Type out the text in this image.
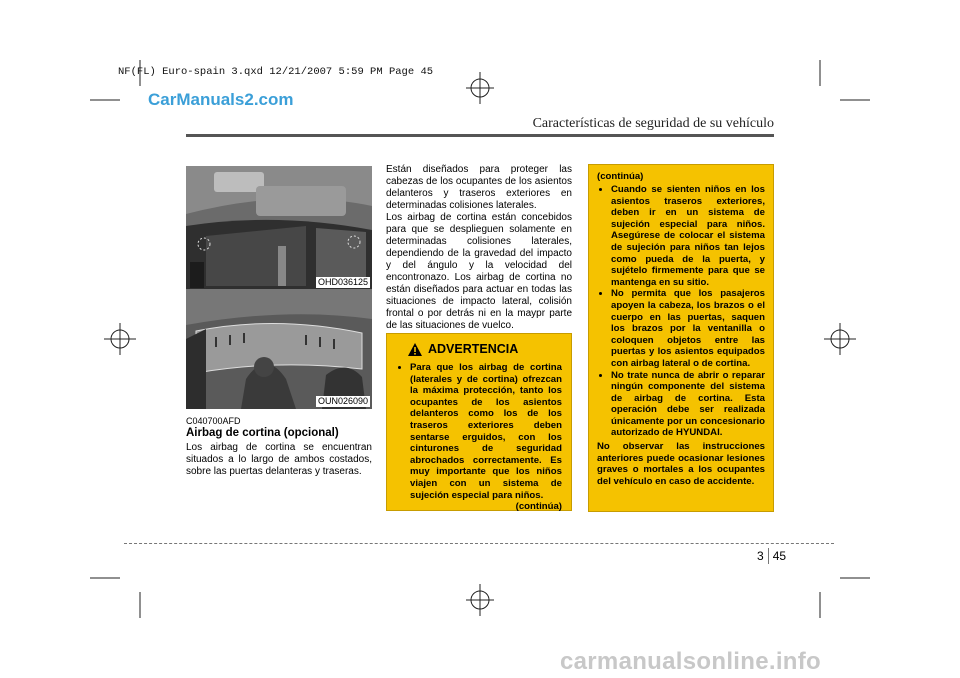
NF(FL) Euro-spain 3.qxd 12/21/2007 5:59 PM Page 45
CarManuals2.com
Características de seguridad de su vehículo
OHD036125
OUN026090
C040700AFD
Airbag de cortina (opcional)
Los airbag de cortina se encuentran situados a lo largo de ambos costados, sobre las puertas delanteras y traseras.
Están diseñados para proteger las cabezas de los ocupantes de los asientos delanteros y traseros exteriores en determinadas colisiones laterales.
Los airbag de cortina están concebidos para que se desplieguen solamente en determinadas colisiones laterales, dependiendo de la gravedad del impacto y del ángulo y la velocidad del encontronazo. Los airbag de cortina no están diseñados para actuar en todas las situaciones de impacto lateral, colisión frontal o por detrás ni en la maypr parte de las situaciones de vuelco.
ADVERTENCIA
• Para que los airbag de cortina (laterales y de cortina) ofrezcan la máxima protección, tanto los ocupantes de los asientos delanteros como los de los traseros exteriores deben sentarse erguidos, con los cinturones de seguridad abrochados correctamente. Es muy importante que los niños viajen con un sistema de sujeción especial para niños.
(continúa)
(continúa)
• Cuando se sienten niños en los asientos traseros exteriores, deben ir en un sistema de sujeción especial para niños. Asegúrese de colocar el sistema de sujeción para niños tan lejos como pueda de la puerta, y sujételo firmemente para que se mantenga en su sitio.
• No permita que los pasajeros apoyen la cabeza, los brazos o el cuerpo en las puertas, saquen los brazos por la ventanilla o coloquen objetos entre las puertas y los asientos equipados con airbag lateral o de cortina.
• No trate nunca de abrir o reparar ningún componente del sistema de airbag de cortina. Esta operación debe ser realizada únicamente por un concesionario autorizado de HYUNDAI.
No observar las instrucciones anteriores puede ocasionar lesiones graves o mortales a los ocupantes del vehículo en caso de accidente.
3 45
carmanualsonline.info
